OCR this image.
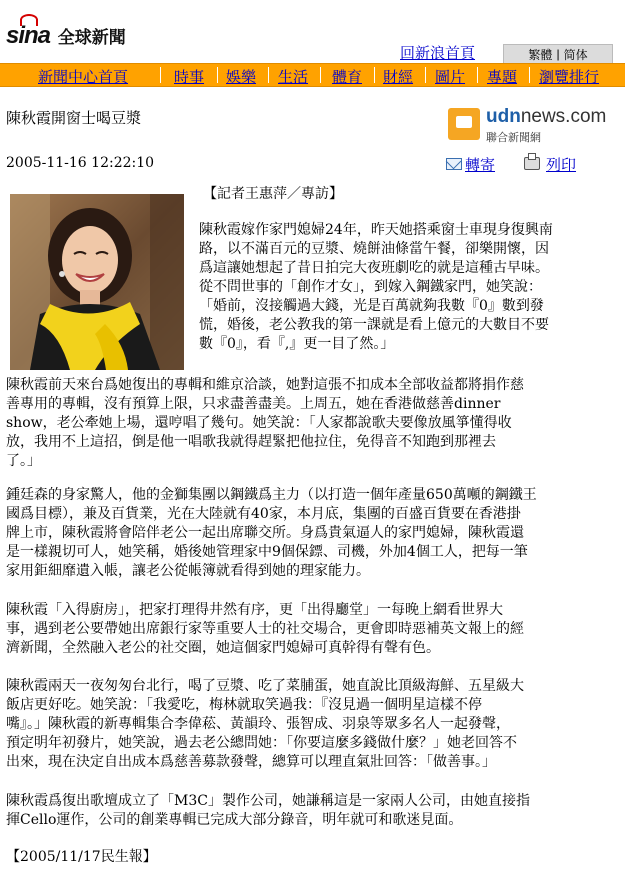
sina 全球新聞
回新浪首頁	繁體 | 简体
新聞中心首頁	時事 娛樂 生活 體育 財經 圖片 專題 瀏覽排行
陳秋霞開窗士喝豆漿	udnnews.com
聯合新聞網
2005-11-16 12:22:10	轉寄	列印
【記者王惠萍／專訪】

陳秋霞嫁作家門媳婦24年，昨天她搭乘窗士車現身復興南

路，以不滿百元的豆漿、燒餅油條當午餐，卻樂開懷，因

爲這讓她想起了昔日拍完大夜班劇吃的就是這種古早味。

從不問世事的「創作才女」，到嫁入鋼鐵家門，她笑說：

「婚前，沒接觸過大錢，光是百萬就夠我數『0』數到發

慌，婚後，老公教我的第一課就是看上億元的大數目不要

數『0』，看『,』更一目了然。」

陳秋霞前天來台爲她復出的專輯和維京洽談，她對這張不扣成本全部收益都將捐作慈

善專用的專輯，沒有預算上限，只求盡善盡美。上周五，她在香港做慈善dinner

show，老公牽她上場，還哼唱了幾句。她笑說：「人家都說歌夫要像放風箏懂得收

放，我用不上這招，倒是他一唱歌我就得趕緊把他拉住，免得音不知跑到那裡去

了。」

鍾廷森的身家驚人，他的金獅集團以鋼鐵爲主力（以打造一個年產量650萬噸的鋼鐵王

國爲目標），兼及百貨業，光在大陸就有40家，本月底，集團的百盛百貨要在香港掛

牌上市，陳秋霞將會陪伴老公一起出席聯交所。身爲貴氣逼人的家門媳婦，陳秋霞還

是一樣親切可人，她笑稱，婚後她管理家中9個保鏢、司機，外加4個工人，把每一筆

家用鉅細靡遺入帳，讓老公從帳簿就看得到她的理家能力。

陳秋霞「入得廚房」，把家打理得井然有序，更「出得廳堂」一每晚上網看世界大

事，遇到老公要帶她出席銀行家等重要人士的社交場合，更會即時惡補英文報上的經

濟新聞，全然融入老公的社交圈，她這個家門媳婦可真幹得有聲有色。

陳秋霞兩天一夜匆匆台北行，喝了豆漿、吃了菜脯蛋，她直說比頂級海鮮、五星級大

飯店更好吃。她笑說：「我愛吃，梅林就取笑過我：『沒見過一個明星這樣不停

嘴』。」陳秋霞的新專輯集合李偉菘、黃韻玲、張智成、羽泉等眾多名人一起發聲，

預定明年初發片，她笑說，過去老公總問她：「你要這麼多錢做什麼？」她老回答不

出來，現在決定自出成本爲慈善募款發聲，總算可以理直氣壯回答：「做善事。」

陳秋霞爲復出歌壇成立了「M3C」製作公司，她謙稱這是一家兩人公司，由她直接指

揮Cello運作，公司的創業專輯已完成大部分錄音，明年就可和歌迷見面。

【2005/11/17民生報】
